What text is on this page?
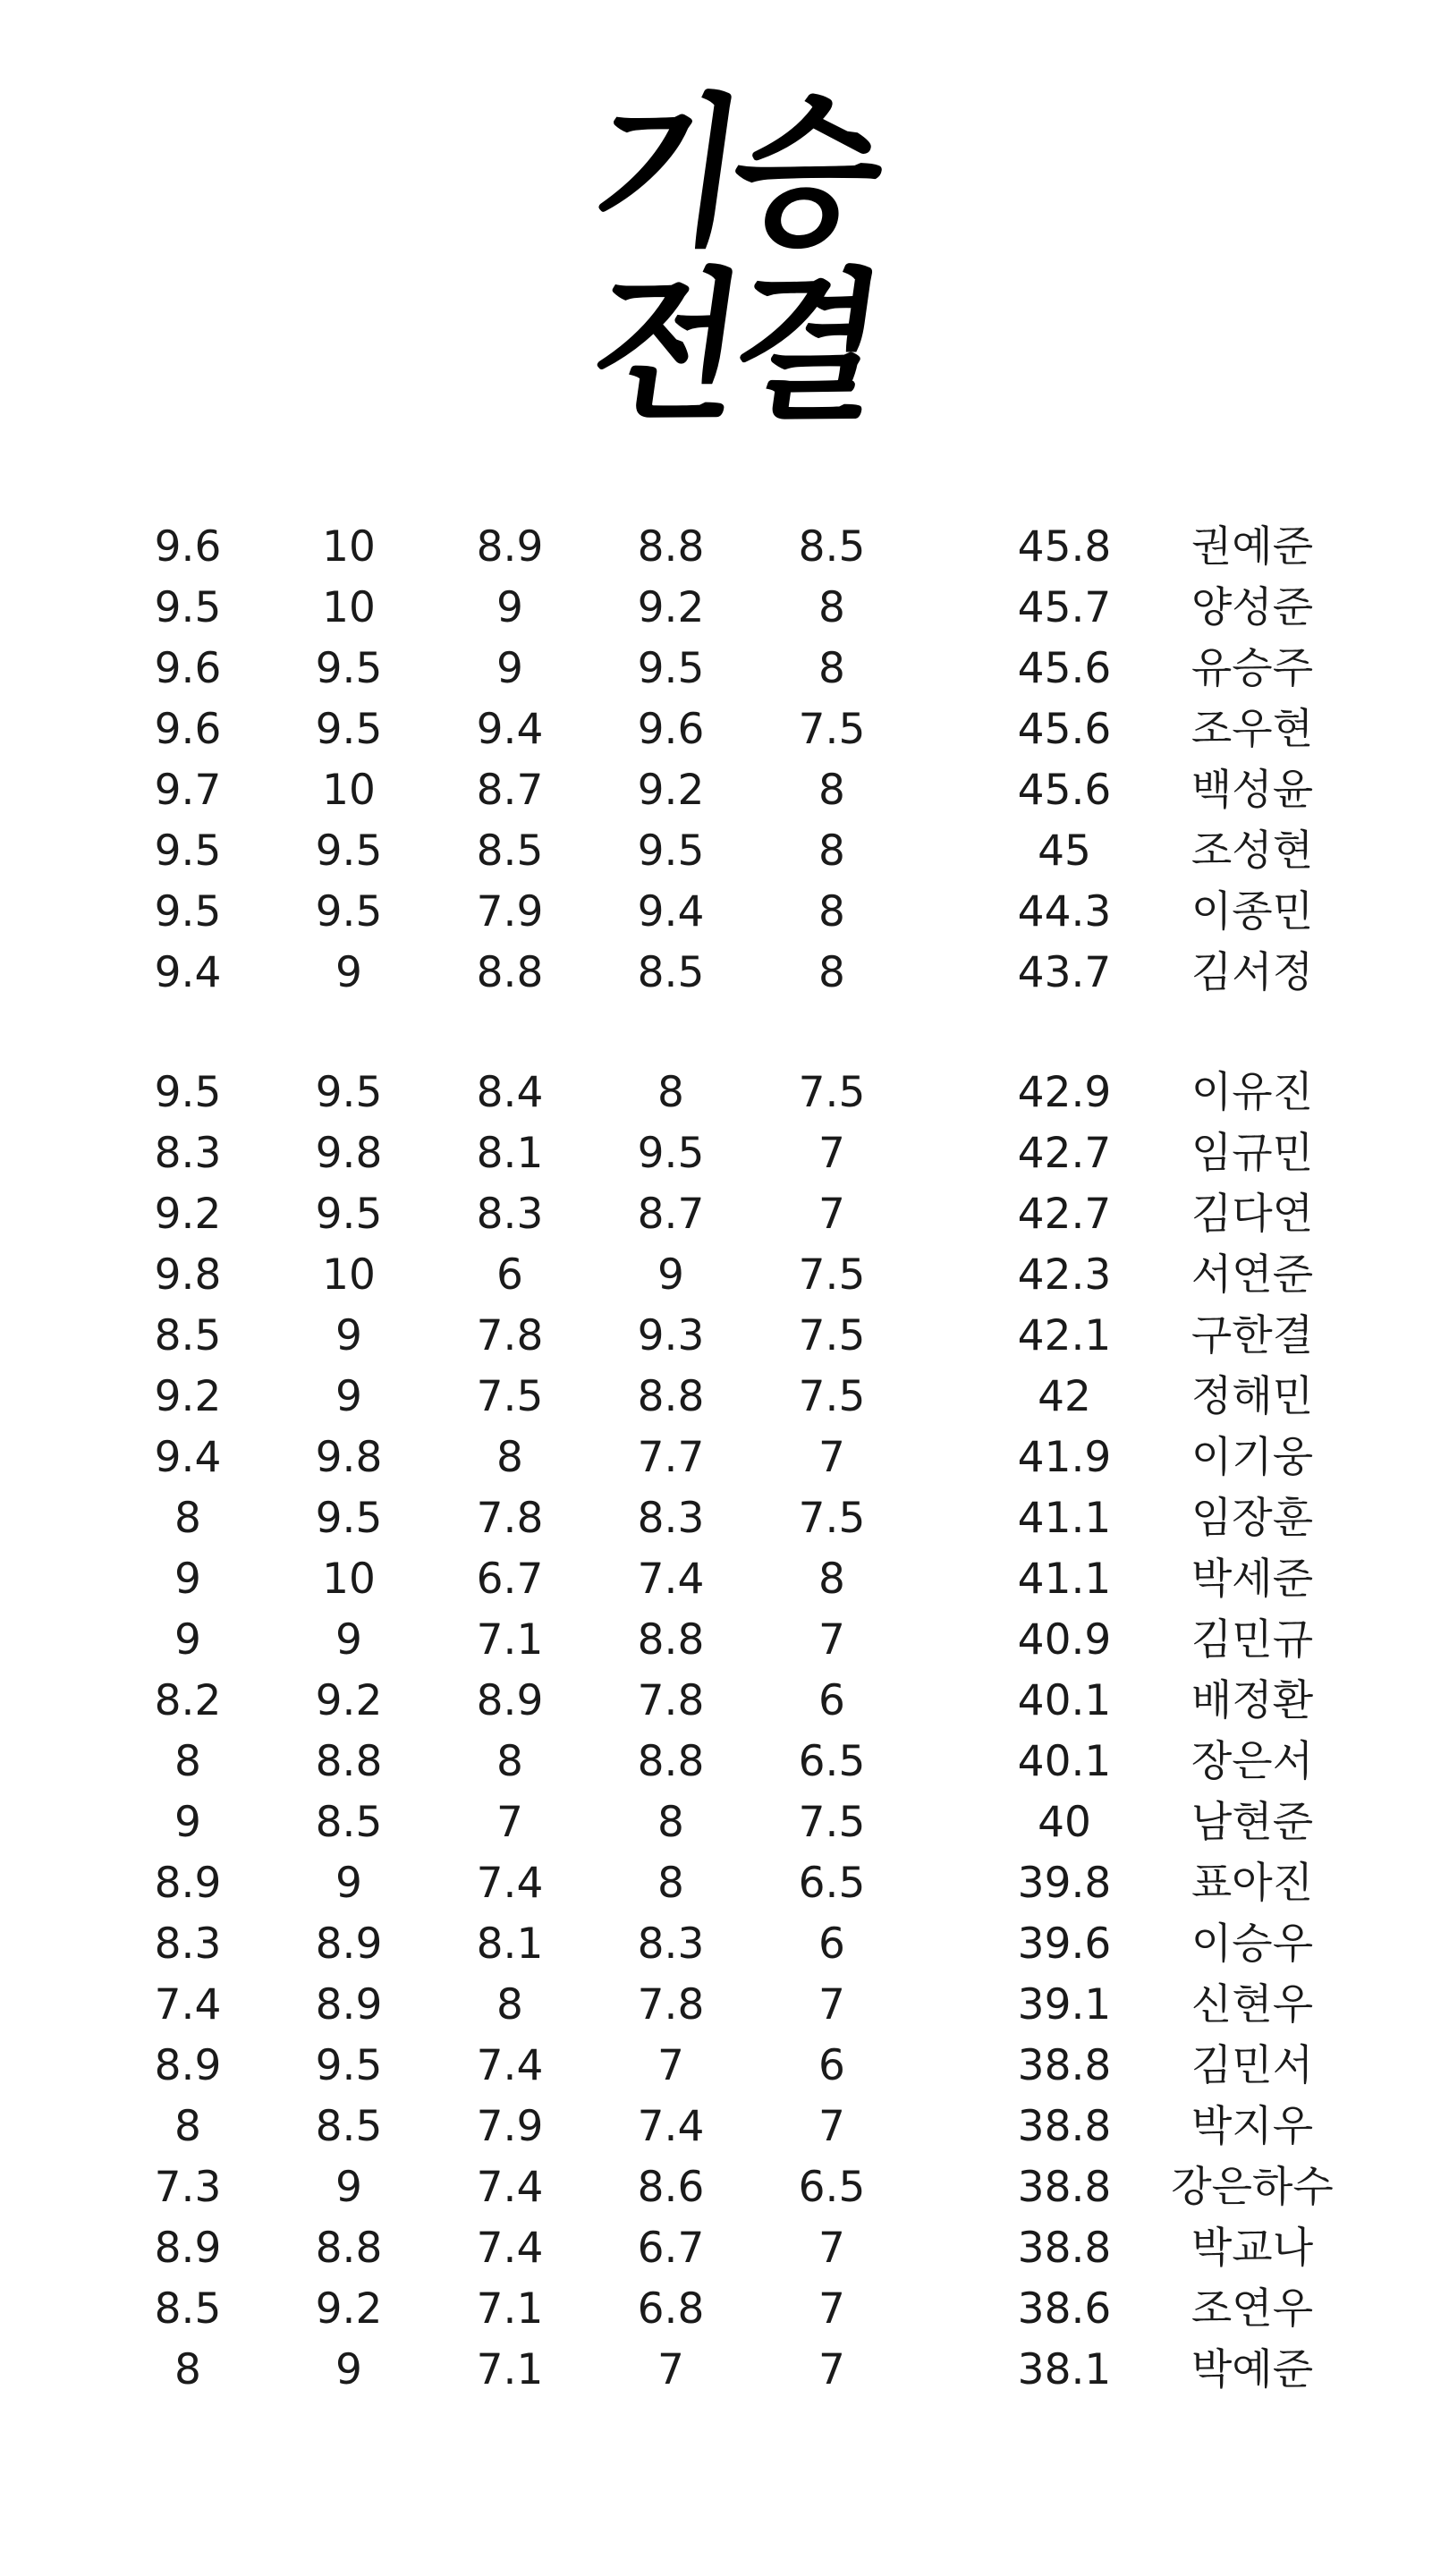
기승
전결
9.6	10	8.9	8.8	8.5	45.8	권예준
9.5	10	9	9.2	8	45.7	양성준
9.6	9.5	9	9.5	8	45.6	유승주
9.6	9.5	9.4	9.6	7.5	45.6	조우현
9.7	10	8.7	9.2	8	45.6	백성윤
9.5	9.5	8.5	9.5	8	45	조성현
9.5	9.5	7.9	9.4	8	44.3	이종민
9.4	9	8.8	8.5	8	43.7	김서정
9.5	9.5	8.4	8	7.5	42.9	이유진
8.3	9.8	8.1	9.5	7	42.7	임규민
9.2	9.5	8.3	8.7	7	42.7	김다연
9.8	10	6	9	7.5	42.3	서연준
8.5	9	7.8	9.3	7.5	42.1	구한결
9.2	9	7.5	8.8	7.5	42	정해민
9.4	9.8	8	7.7	7	41.9	이기웅
8	9.5	7.8	8.3	7.5	41.1	임장훈
9	10	6.7	7.4	8	41.1	박세준
9	9	7.1	8.8	7	40.9	김민규
8.2	9.2	8.9	7.8	6	40.1	배정환
8	8.8	8	8.8	6.5	40.1	장은서
9	8.5	7	8	7.5	40	남현준
8.9	9	7.4	8	6.5	39.8	표아진
8.3	8.9	8.1	8.3	6	39.6	이승우
7.4	8.9	8	7.8	7	39.1	신현우
8.9	9.5	7.4	7	6	38.8	김민서
8	8.5	7.9	7.4	7	38.8	박지우
7.3	9	7.4	8.6	6.5	38.8	강은하수
8.9	8.8	7.4	6.7	7	38.8	박교나
8.5	9.2	7.1	6.8	7	38.6	조연우
8	9	7.1	7	7	38.1	박예준
